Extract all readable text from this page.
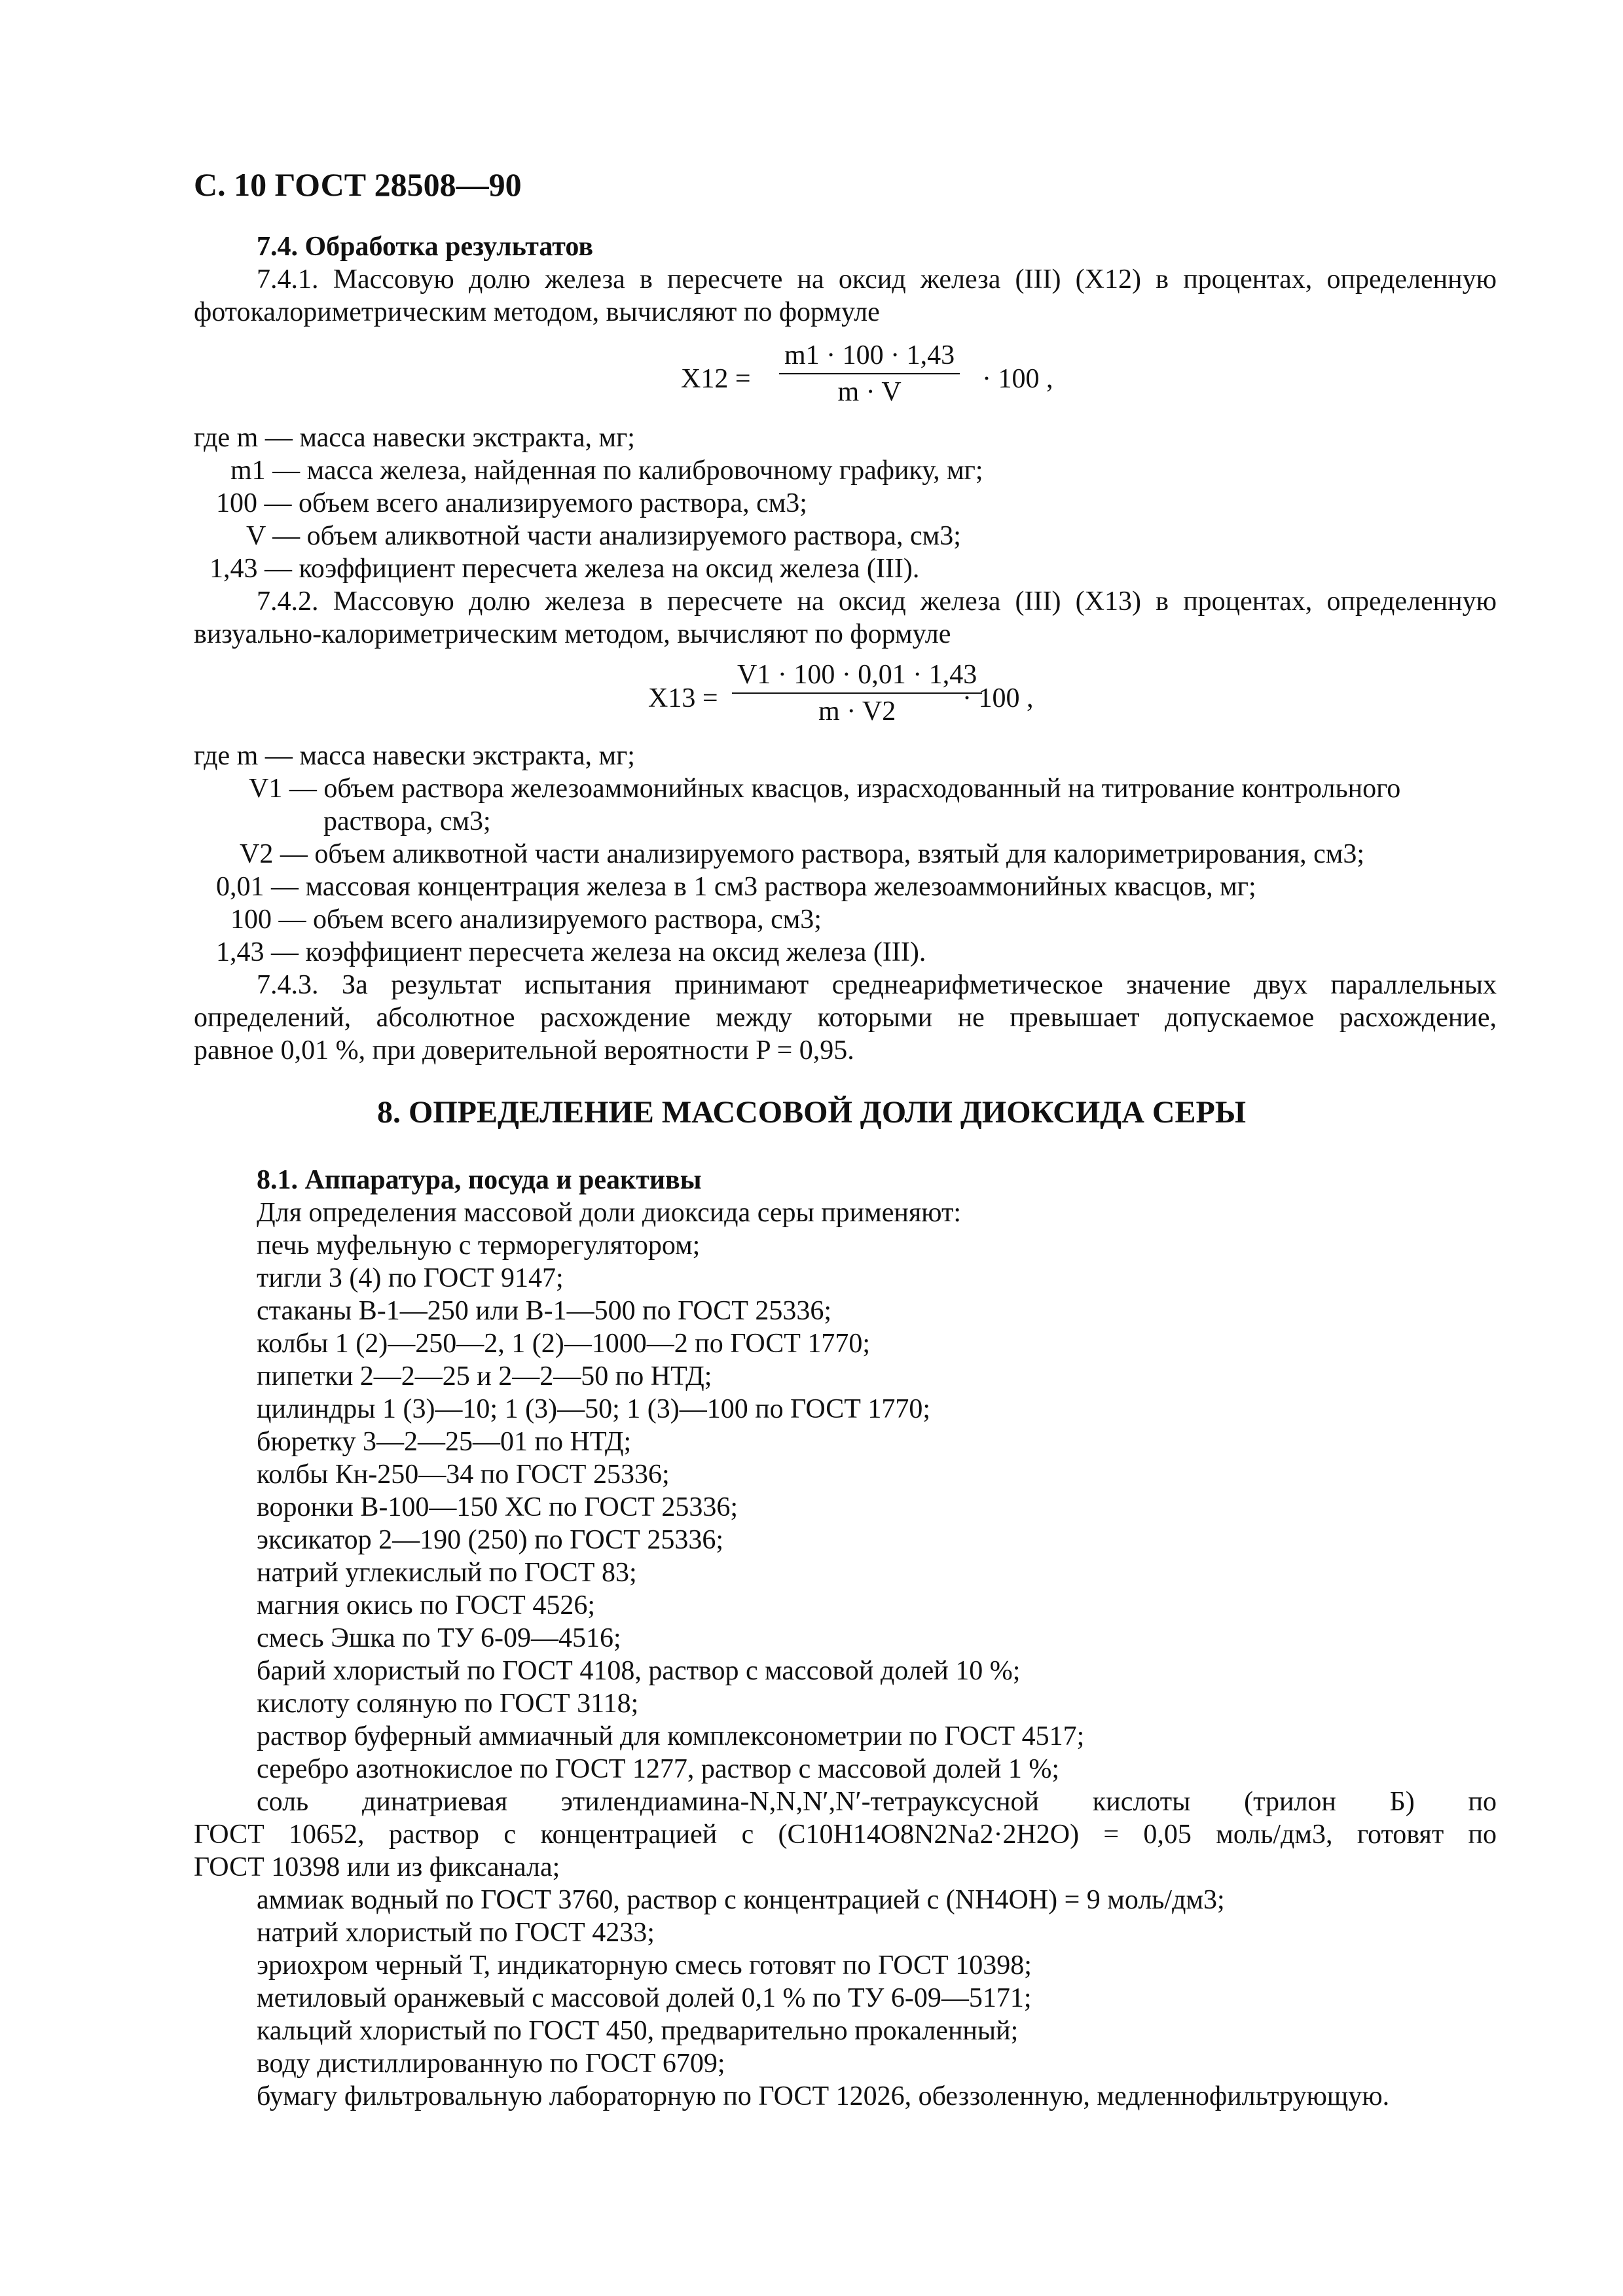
С. 10 ГОСТ 28508—90
7.4. Обработка результатов
7.4.1. Массовую долю железа в пересчете на оксид железа (III) (X12) в процентах, определенную
фотокалориметрическим методом, вычисляют по формуле
$X12 = \frac{m1 \cdot 100 \cdot 1,43}{m \cdot V} \cdot 100$ ,
где m — масса навески экстракта, мг;
m1 — масса железа, найденная по калибровочному графику, мг;
100 — объем всего анализируемого раствора, см3;
V — объем аликвотной части анализируемого раствора, см3;
1,43 — коэффициент пересчета железа на оксид железа (III).
7.4.2. Массовую долю железа в пересчете на оксид железа (III) (X13) в процентах, определенную
визуально-калориметрическим методом, вычисляют по формуле
$X13 = \frac{V1 \cdot 100 \cdot 0,01 \cdot 1,43}{m \cdot V2}$
· 100 ,
где m — масса навески экстракта, мг;
V1 — объем раствора железоаммонийных квасцов, израсходованный на титрование контрольного
раствора, см3;
V2 — объем аликвотной части анализируемого раствора, взятый для калориметрирования, см3;
0,01 — массовая концентрация железа в 1 см3 раствора железоаммонийных квасцов, мг;
100 — объем всего анализируемого раствора, см3;
1,43 — коэффициент пересчета железа на оксид железа (III).
7.4.3. За результат испытания принимают среднеарифметическое значение двух параллельных
определений, абсолютное расхождение между которыми не превышает допускаемое расхождение,
равное 0,01 %, при доверительной вероятности P = 0,95.
8. ОПРЕДЕЛЕНИЕ МАССОВОЙ ДОЛИ ДИОКСИДА СЕРЫ
8.1. Аппаратура, посуда и реактивы
Для определения массовой доли диоксида серы применяют:
печь муфельную с терморегулятором;
тигли 3 (4) по ГОСТ 9147;
стаканы В-1—250 или В-1—500 по ГОСТ 25336;
колбы 1 (2)—250—2, 1 (2)—1000—2 по ГОСТ 1770;
пипетки 2—2—25 и 2—2—50 по НТД;
цилиндры 1 (3)—10; 1 (3)—50; 1 (3)—100 по ГОСТ 1770;
бюретку 3—2—25—01 по НТД;
колбы Кн-250—34 по ГОСТ 25336;
воронки В-100—150 ХС по ГОСТ 25336;
эксикатор 2—190 (250) по ГОСТ 25336;
натрий углекислый по ГОСТ 83;
магния окись по ГОСТ 4526;
смесь Эшка по ТУ 6-09—4516;
барий хлористый по ГОСТ 4108, раствор с массовой долей 10 %;
кислоту соляную по ГОСТ 3118;
раствор буферный аммиачный для комплексонометрии по ГОСТ 4517;
серебро азотнокислое по ГОСТ 1277, раствор с массовой долей 1 %;
соль динатриевая этилендиамина-N,N,N′,N′-тетрауксусной кислоты (трилон Б) по
ГОСТ 10652, раствор с концентрацией c (C10H14O8N2Na2·2H2O) = 0,05 моль/дм3, готовят по
ГОСТ 10398 или из фиксанала;
аммиак водный по ГОСТ 3760, раствор с концентрацией c (NH4OH) = 9 моль/дм3;
натрий хлористый по ГОСТ 4233;
эриохром черный Т, индикаторную смесь готовят по ГОСТ 10398;
метиловый оранжевый с массовой долей 0,1 % по ТУ 6-09—5171;
кальций хлористый по ГОСТ 450, предварительно прокаленный;
воду дистиллированную по ГОСТ 6709;
бумагу фильтровальную лабораторную по ГОСТ 12026, обеззоленную, медленнофильтрующую.
